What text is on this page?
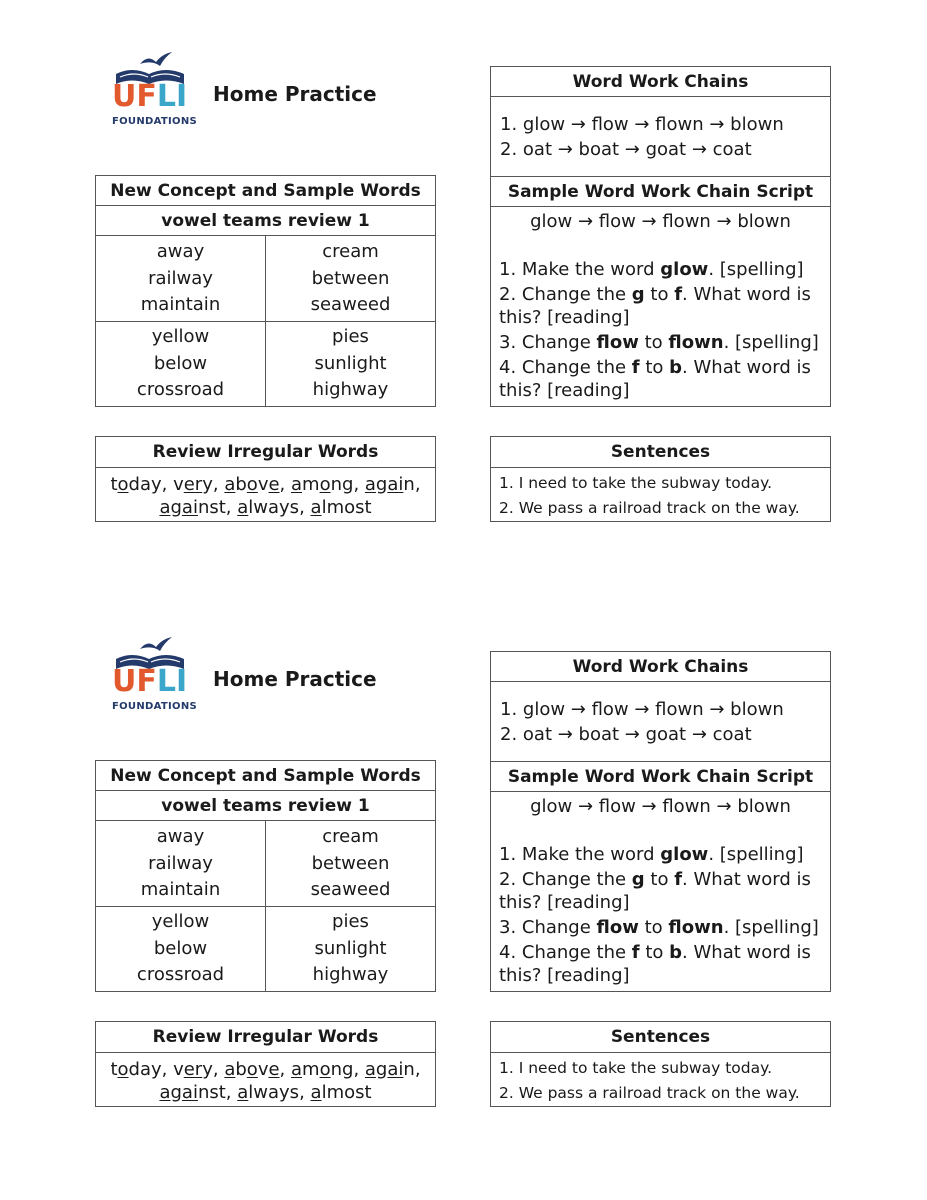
UFLI
FOUNDATIONS
Home Practice
New Concept and Sample Words
vowel teams review 1
away
railway
maintain
cream
between
seaweed
yellow
below
crossroad
pies
sunlight
highway
Review Irregular Words
today, very, above, among, again,
against, always, almost
Word Work Chains
1. glow → flow → flown → blown
2. oat → boat → goat → coat
Sample Word Work Chain Script
glow → flow → flown → blown
1. Make the word glow. [spelling]
2. Change the g to f. What word is this? [reading]
3. Change flow to flown. [spelling]
4. Change the f to b. What word is this? [reading]
Sentences
1. I need to take the subway today.
2. We pass a railroad track on the way.
UFLI
FOUNDATIONS
Home Practice
New Concept and Sample Words
vowel teams review 1
away
railway
maintain
cream
between
seaweed
yellow
below
crossroad
pies
sunlight
highway
Review Irregular Words
today, very, above, among, again,
against, always, almost
Word Work Chains
1. glow → flow → flown → blown
2. oat → boat → goat → coat
Sample Word Work Chain Script
glow → flow → flown → blown
1. Make the word glow. [spelling]
2. Change the g to f. What word is this? [reading]
3. Change flow to flown. [spelling]
4. Change the f to b. What word is this? [reading]
Sentences
1. I need to take the subway today.
2. We pass a railroad track on the way.
